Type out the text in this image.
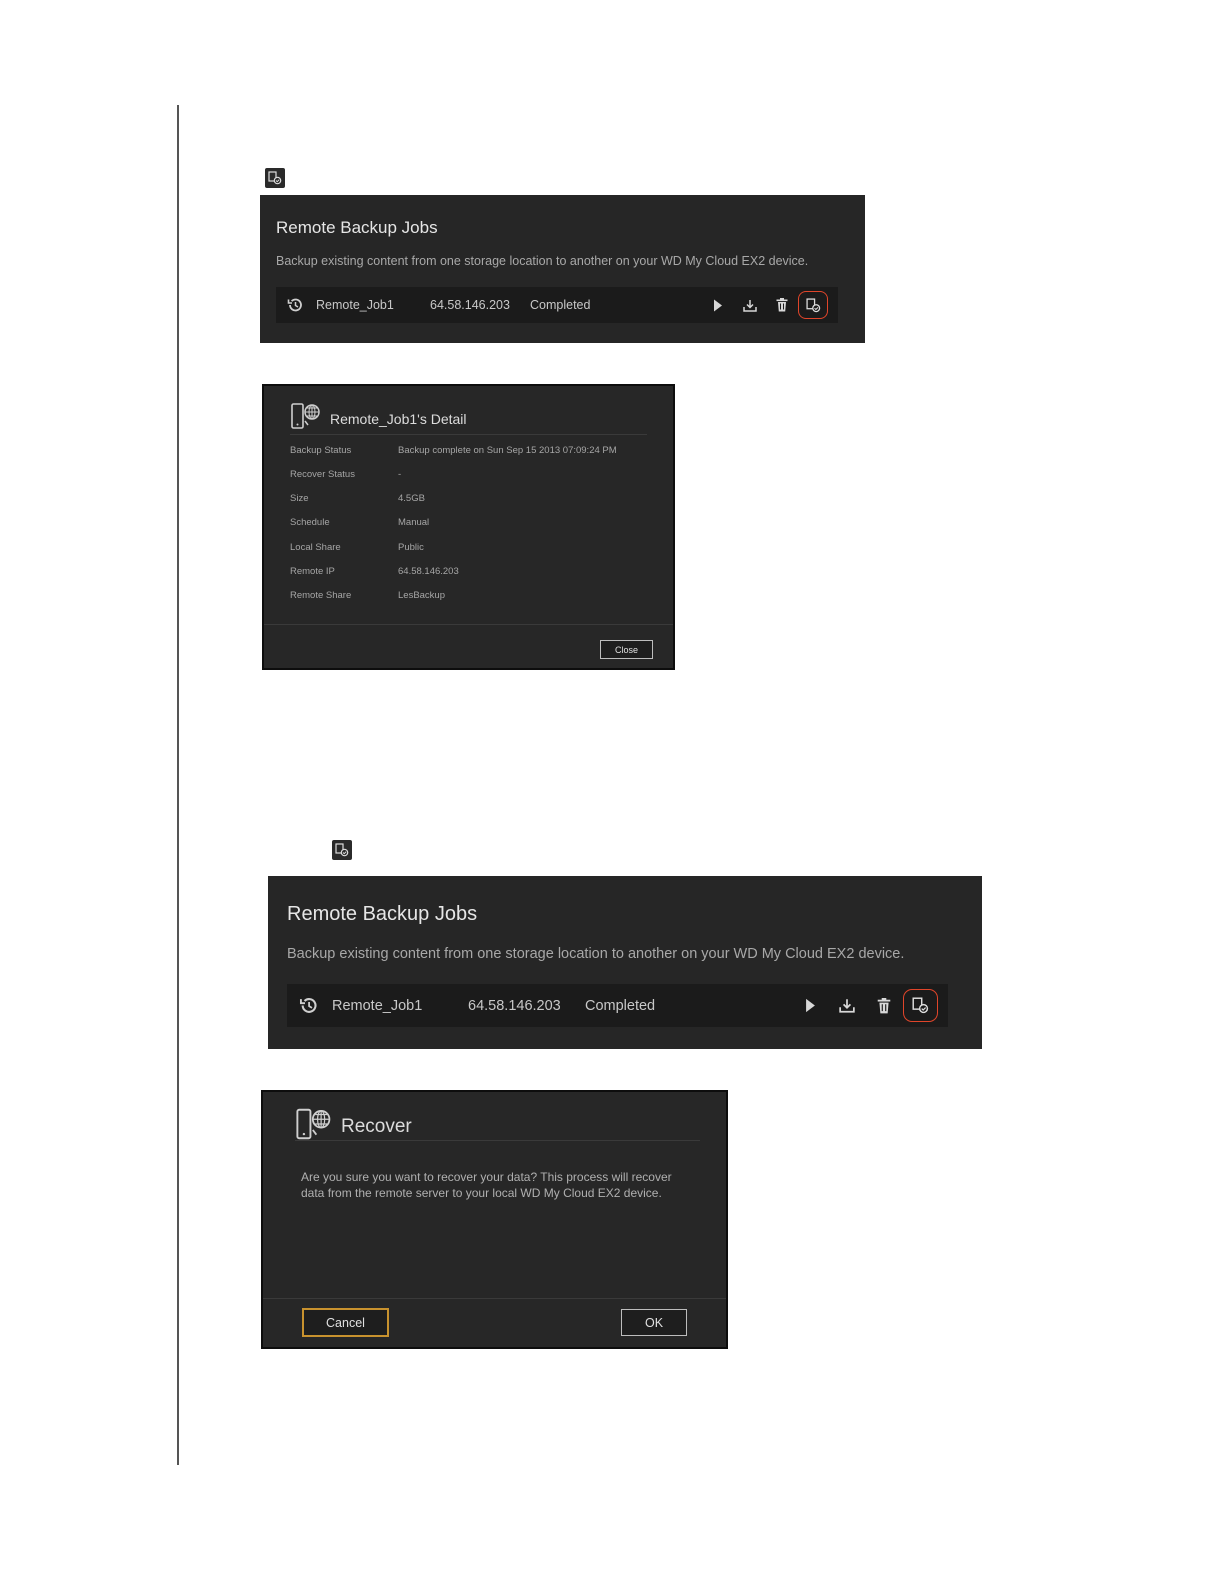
Remote Backup Jobs
Backup existing content from one storage location to another on your WD My Cloud EX2 device.
Remote_Job1	64.58.146.203	Completed
Remote_Job1's Detail
Backup Status	Backup complete on Sun Sep 15 2013 07:09:24 PM
Recover Status	-
Size	4.5GB
Schedule	Manual
Local Share	Public
Remote IP	64.58.146.203
Remote Share	LesBackup
Close
Remote Backup Jobs
Backup existing content from one storage location to another on your WD My Cloud EX2 device.
Remote_Job1	64.58.146.203	Completed
Recover
Are you sure you want to recover your data? This process will recover
data from the remote server to your local WD My Cloud EX2 device.
Cancel	OK
